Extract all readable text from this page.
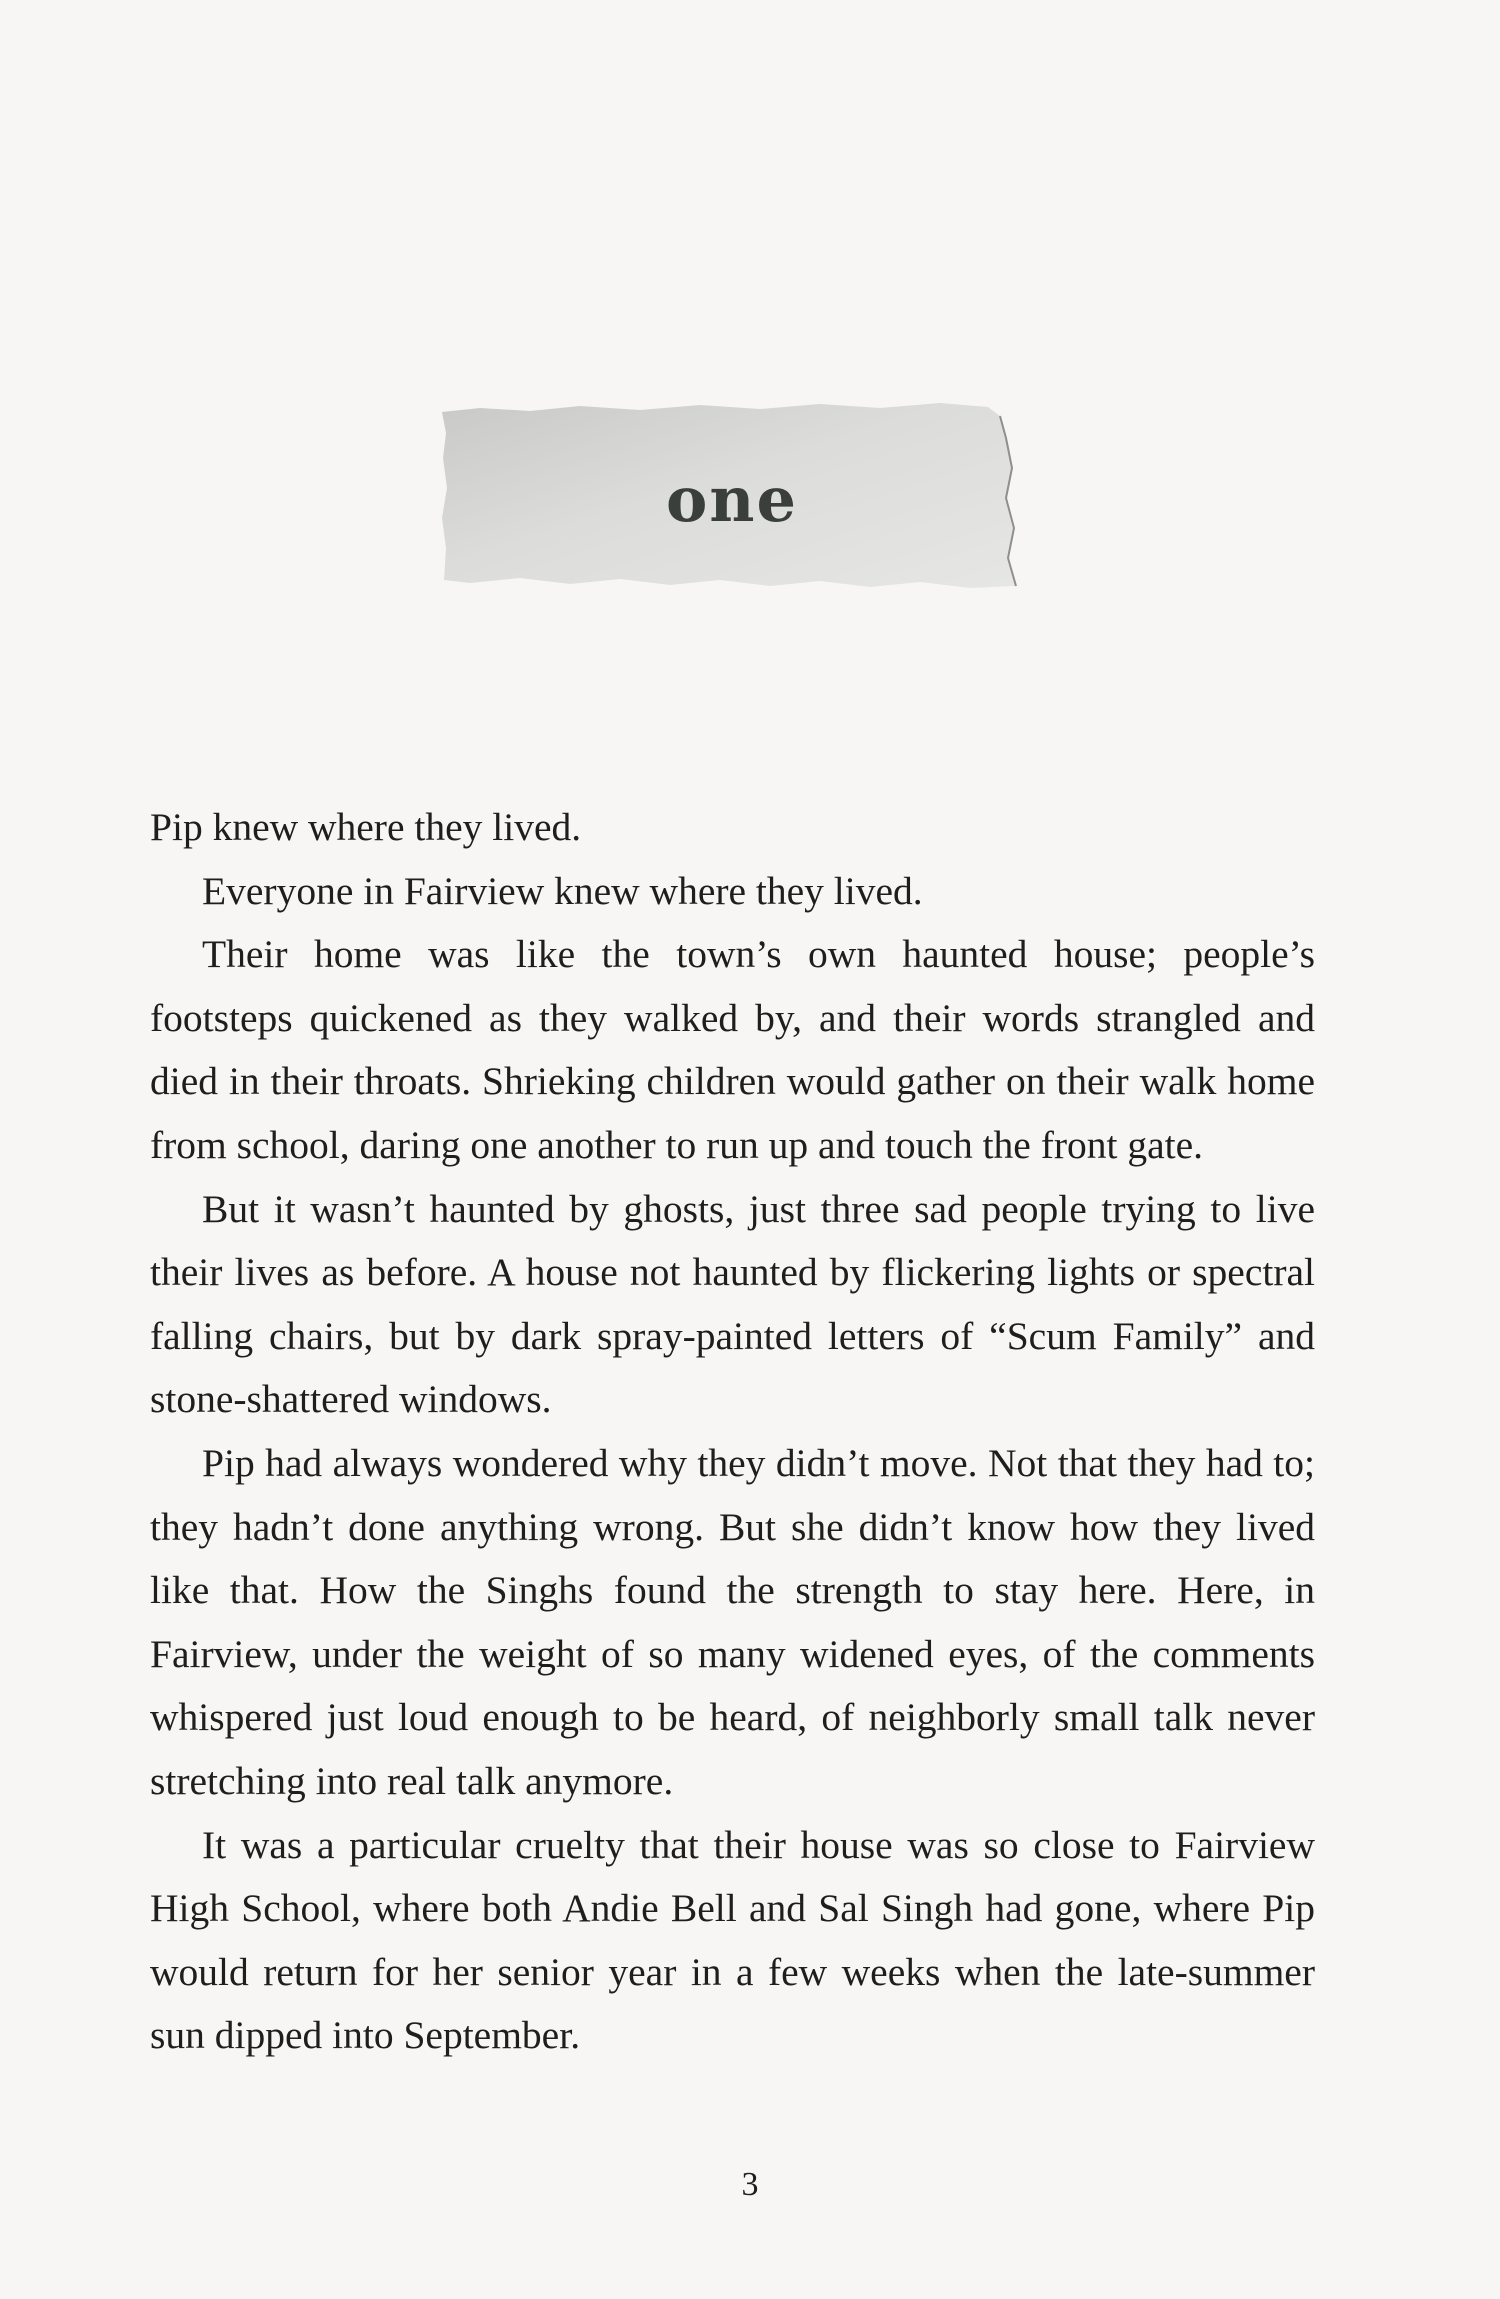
one

Pip knew where they lived.

Everyone in Fairview knew where they lived.

Their home was like the town’s own haunted house; people’s footsteps quickened as they walked by, and their words strangled and died in their throats. Shrieking children would gather on their walk home from school, daring one another to run up and touch the front gate.

But it wasn’t haunted by ghosts, just three sad people trying to live their lives as before. A house not haunted by flickering lights or spectral falling chairs, but by dark spray-painted letters of “Scum Family” and stone-shattered windows.

Pip had always wondered why they didn’t move. Not that they had to; they hadn’t done anything wrong. But she didn’t know how they lived like that. How the Singhs found the strength to stay here. Here, in Fairview, under the weight of so many widened eyes, of the comments whispered just loud enough to be heard, of neighborly small talk never stretching into real talk anymore.

It was a particular cruelty that their house was so close to Fairview High School, where both Andie Bell and Sal Singh had gone, where Pip would return for her senior year in a few weeks when the late-summer sun dipped into September.

3
